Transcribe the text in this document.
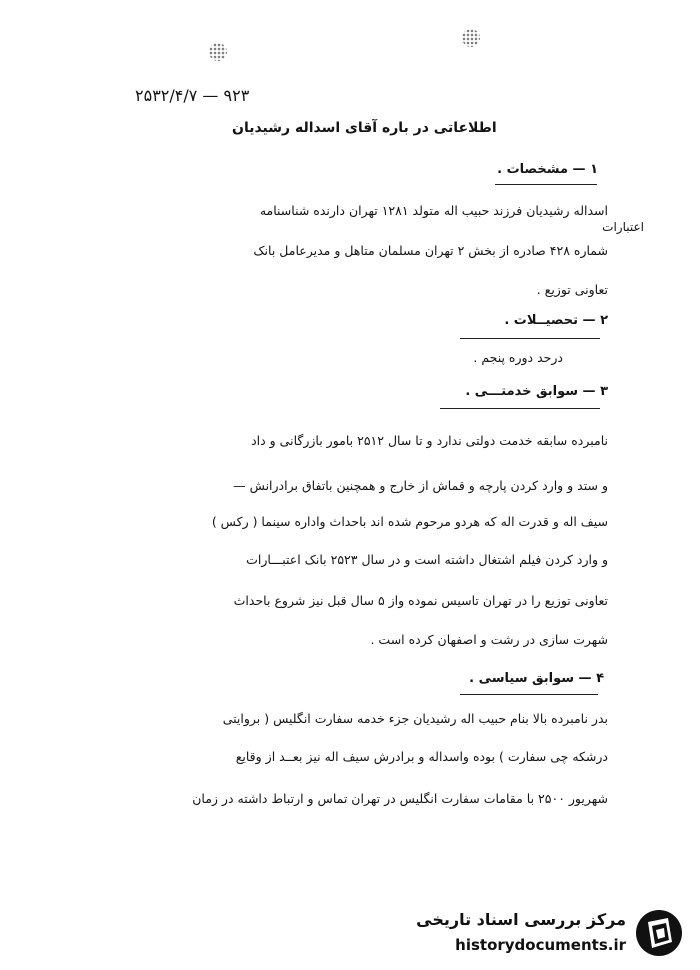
۲۵۳۲/۴/۷ — ۹۲۳
اطلاعاتی در باره آقای اسداله رشیدیان
۱ — مشخصات .
اسداله رشیدیان فرزند حبیب اله متولد ۱۲۸۱ تهران دارنده شناسنامه
اعتبارات
شماره ۴۲۸ صادره از بخش ۲ تهران مسلمان متاهل و مدیرعامل بانک
تعاونی توزیع .
۲ — تحصیــلات .
درحد دوره پنجم .
۳ — سوابق خدمتـــی .
نامبرده سابقه خدمت دولتی ندارد و تا سال ۲۵۱۲ بامور بازرگانی و داد
و ستد و وارد کردن پارچه و قماش از خارج و همچنین باتفاق برادرانش —
سیف اله و قدرت اله که هردو مرحوم شده اند باحداث واداره سینما ( رکس )
و وارد کردن فیلم اشتغال داشته است و در سال ۲۵۲۳ بانک اعتبـــارات
تعاونی توزیع را در تهران تاسیس نموده واز ۵ سال قبل نیز شروع باحداث
شهرت سازی در رشت و اصفهان کرده است .
۴ — سوابق سیاسی .
بدر نامبرده بالا بنام حبیب اله رشیدیان جزء خدمه سفارت انگلیس ( بروایتی
درشکه چی سفارت ) بوده واسداله و برادرش سیف اله نیز بعــد از وقایع
شهریور ۲۵۰۰ با مقامات سفارت انگلیس در تهران تماس و ارتباط داشته در زمان
مرکز بررسی اسناد تاریخی
historydocuments.ir
